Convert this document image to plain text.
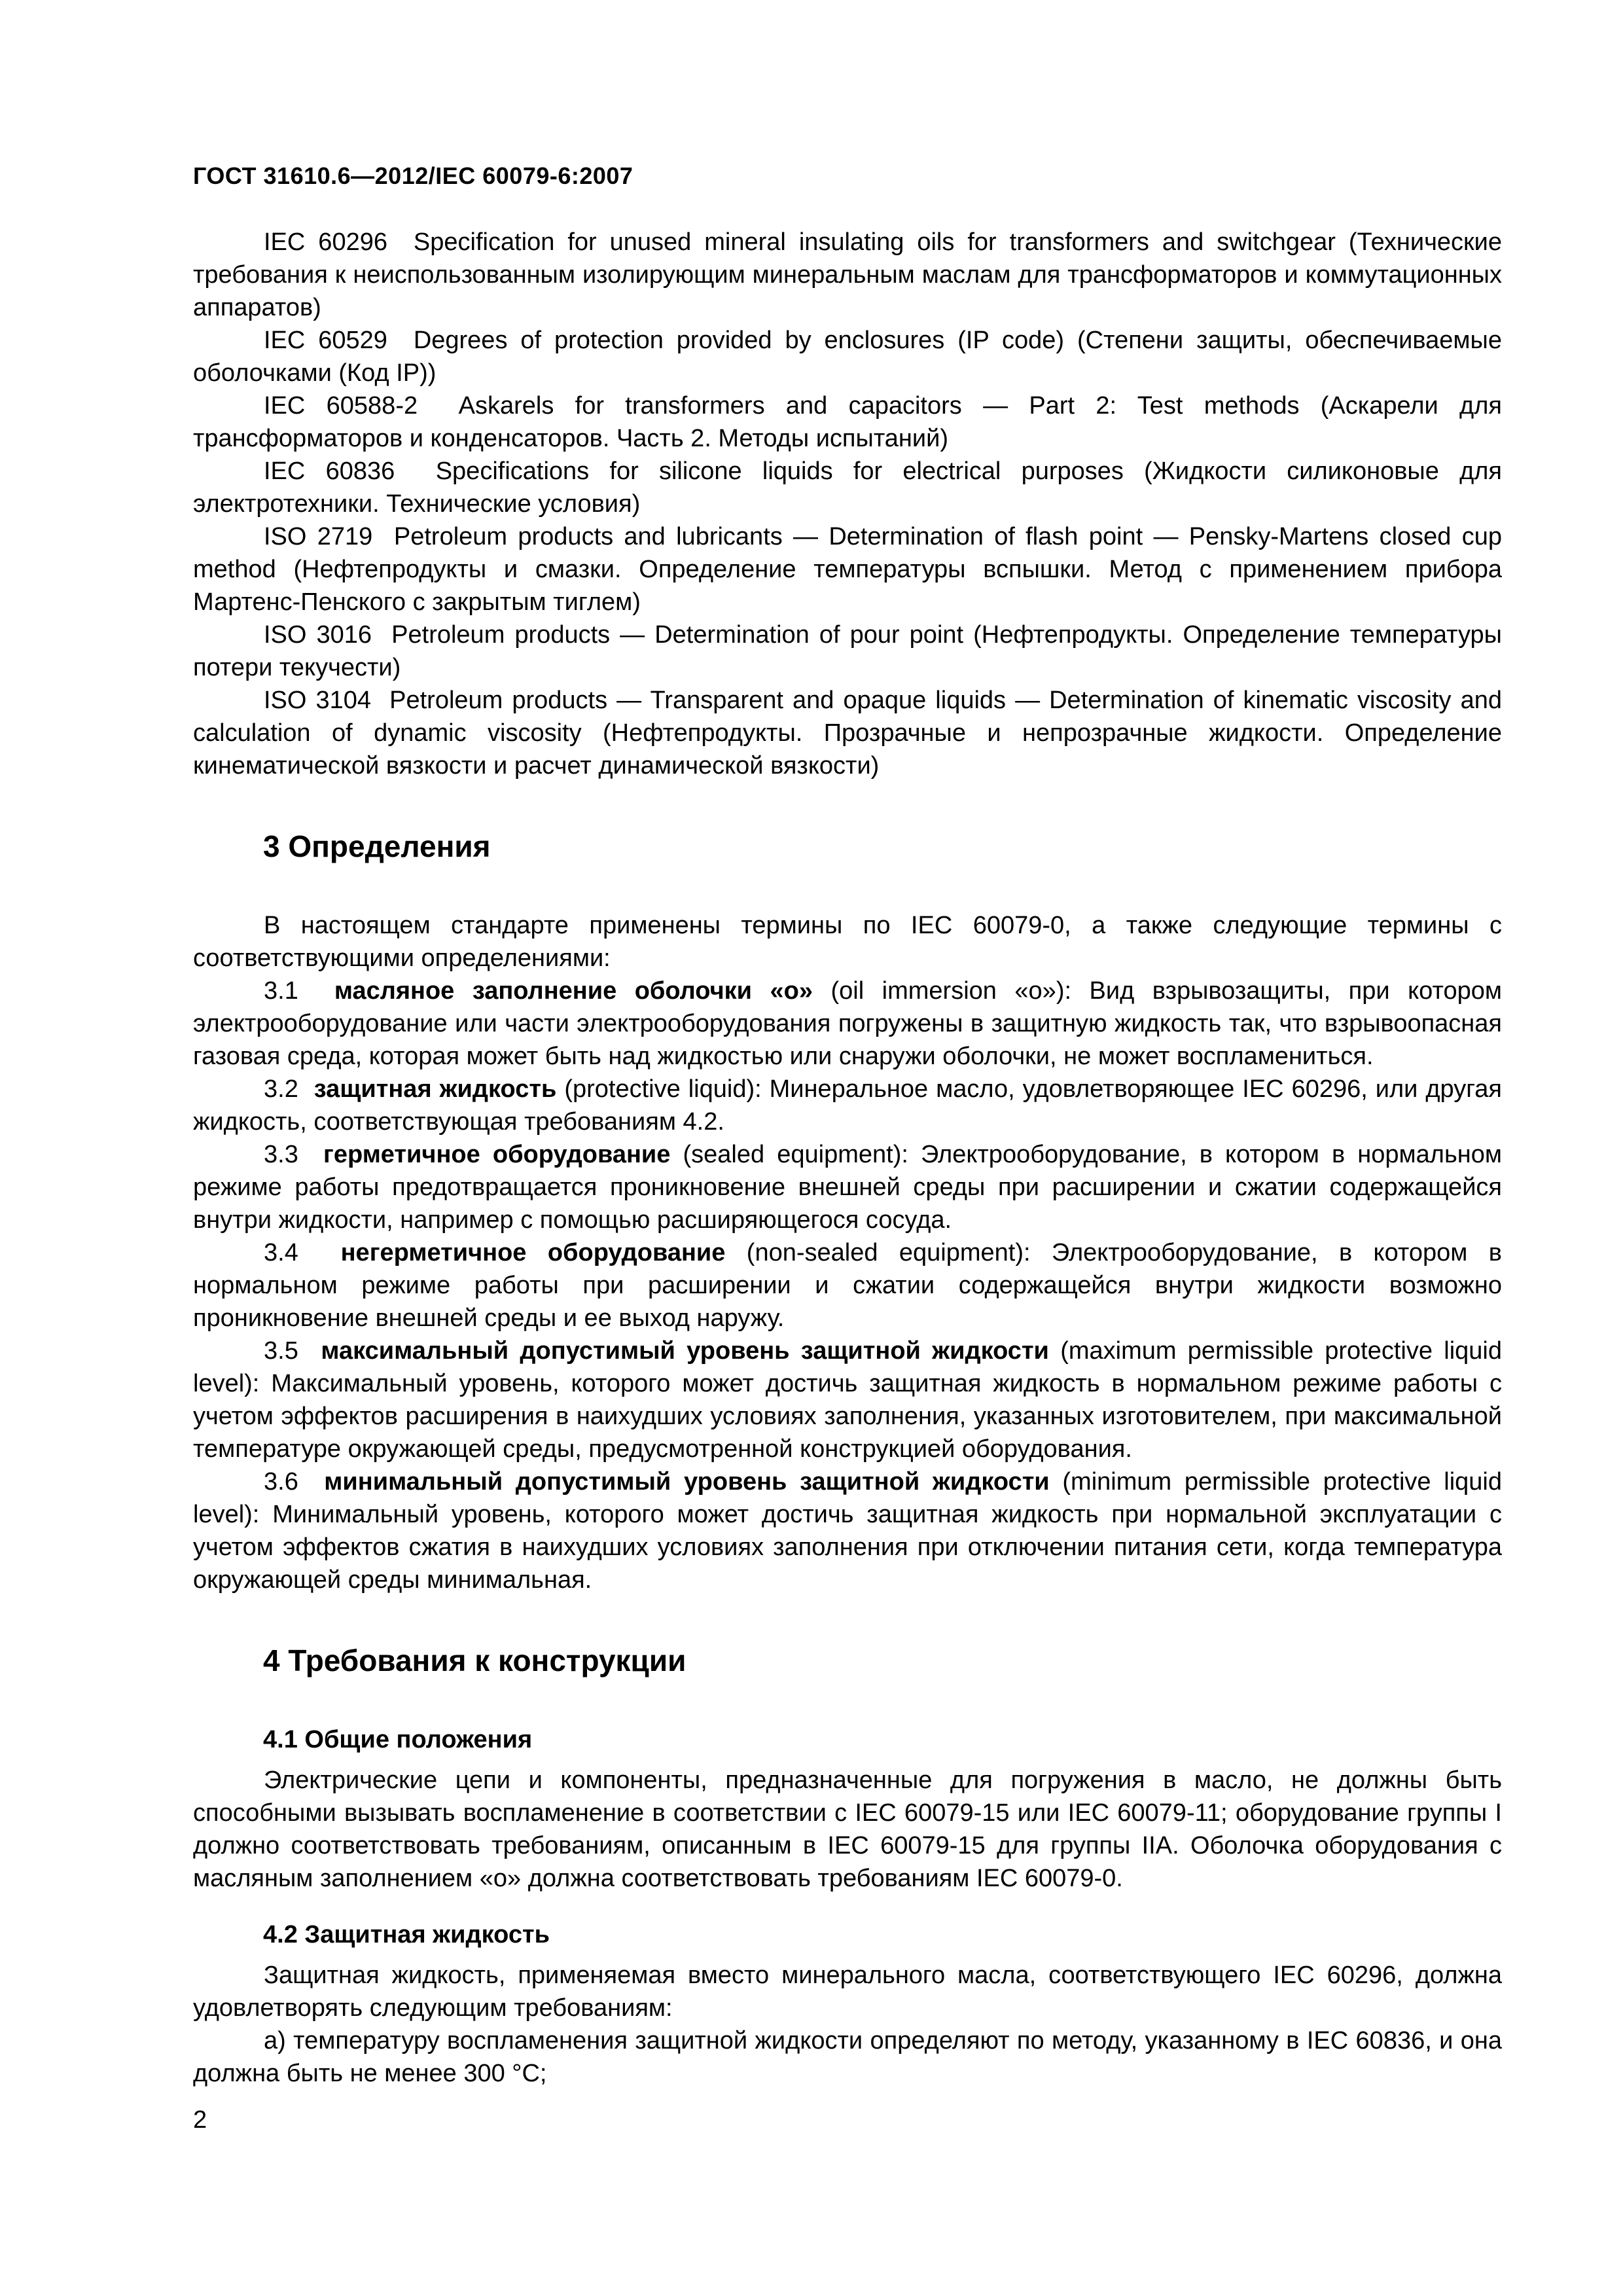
ГОСТ 31610.6—2012/IEC 60079-6:2007

IEC 60296 Specification for unused mineral insulating oils for transformers and switchgear (Технические требования к неиспользованным изолирующим минеральным маслам для трансформаторов и коммутационных аппаратов)

IEC 60529 Degrees of protection provided by enclosures (IP code) (Степени защиты, обеспечиваемые оболочками (Код IP))

IEC 60588-2 Askarels for transformers and capacitors — Part 2: Test methods (Аскарели для трансформаторов и конденсаторов. Часть 2. Методы испытаний)

IEC 60836 Specifications for silicone liquids for electrical purposes (Жидкости силиконовые для электротехники. Технические условия)

ISO 2719 Petroleum products and lubricants — Determination of flash point — Pensky-Martens closed cup method (Нефтепродукты и смазки. Определение температуры вспышки. Метод с применением прибора Мартенс-Пенского с закрытым тиглем)

ISO 3016 Petroleum products — Determination of pour point (Нефтепродукты. Определение температуры потери текучести)

ISO 3104 Petroleum products — Transparent and opaque liquids — Determination of kinematic viscosity and calculation of dynamic viscosity (Нефтепродукты. Прозрачные и непрозрачные жидкости. Определение кинематической вязкости и расчет динамической вязкости)

3 Определения

В настоящем стандарте применены термины по IEC 60079-0, а также следующие термины с соответствующими определениями:

3.1 масляное заполнение оболочки «о» (oil immersion «о»): Вид взрывозащиты, при котором электрооборудование или части электрооборудования погружены в защитную жидкость так, что взрывоопасная газовая среда, которая может быть над жидкостью или снаружи оболочки, не может воспламениться.

3.2 защитная жидкость (protective liquid): Минеральное масло, удовлетворяющее IEC 60296, или другая жидкость, соответствующая требованиям 4.2.

3.3 герметичное оборудование (sealed equipment): Электрооборудование, в котором в нормальном режиме работы предотвращается проникновение внешней среды при расширении и сжатии содержащейся внутри жидкости, например с помощью расширяющегося сосуда.

3.4 негерметичное оборудование (non-sealed equipment): Электрооборудование, в котором в нормальном режиме работы при расширении и сжатии содержащейся внутри жидкости возможно проникновение внешней среды и ее выход наружу.

3.5 максимальный допустимый уровень защитной жидкости (maximum permissible protective liquid level): Максимальный уровень, которого может достичь защитная жидкость в нормальном режиме работы с учетом эффектов расширения в наихудших условиях заполнения, указанных изготовителем, при максимальной температуре окружающей среды, предусмотренной конструкцией оборудования.

3.6 минимальный допустимый уровень защитной жидкости (minimum permissible protective liquid level): Минимальный уровень, которого может достичь защитная жидкость при нормальной эксплуатации с учетом эффектов сжатия в наихудших условиях заполнения при отключении питания сети, когда температура окружающей среды минимальная.

4 Требования к конструкции
4.1 Общие положения

Электрические цепи и компоненты, предназначенные для погружения в масло, не должны быть способными вызывать воспламенение в соответствии с IEC 60079-15 или IEC 60079-11; оборудование группы I должно соответствовать требованиям, описанным в IEC 60079-15 для группы IIA. Оболочка оборудования с масляным заполнением «о» должна соответствовать требованиям IEC 60079-0.

4.2 Защитная жидкость

Защитная жидкость, применяемая вместо минерального масла, соответствующего IEC 60296, должна удовлетворять следующим требованиям:

а) температуру воспламенения защитной жидкости определяют по методу, указанному в IEC 60836, и она должна быть не менее 300 °С;

2
